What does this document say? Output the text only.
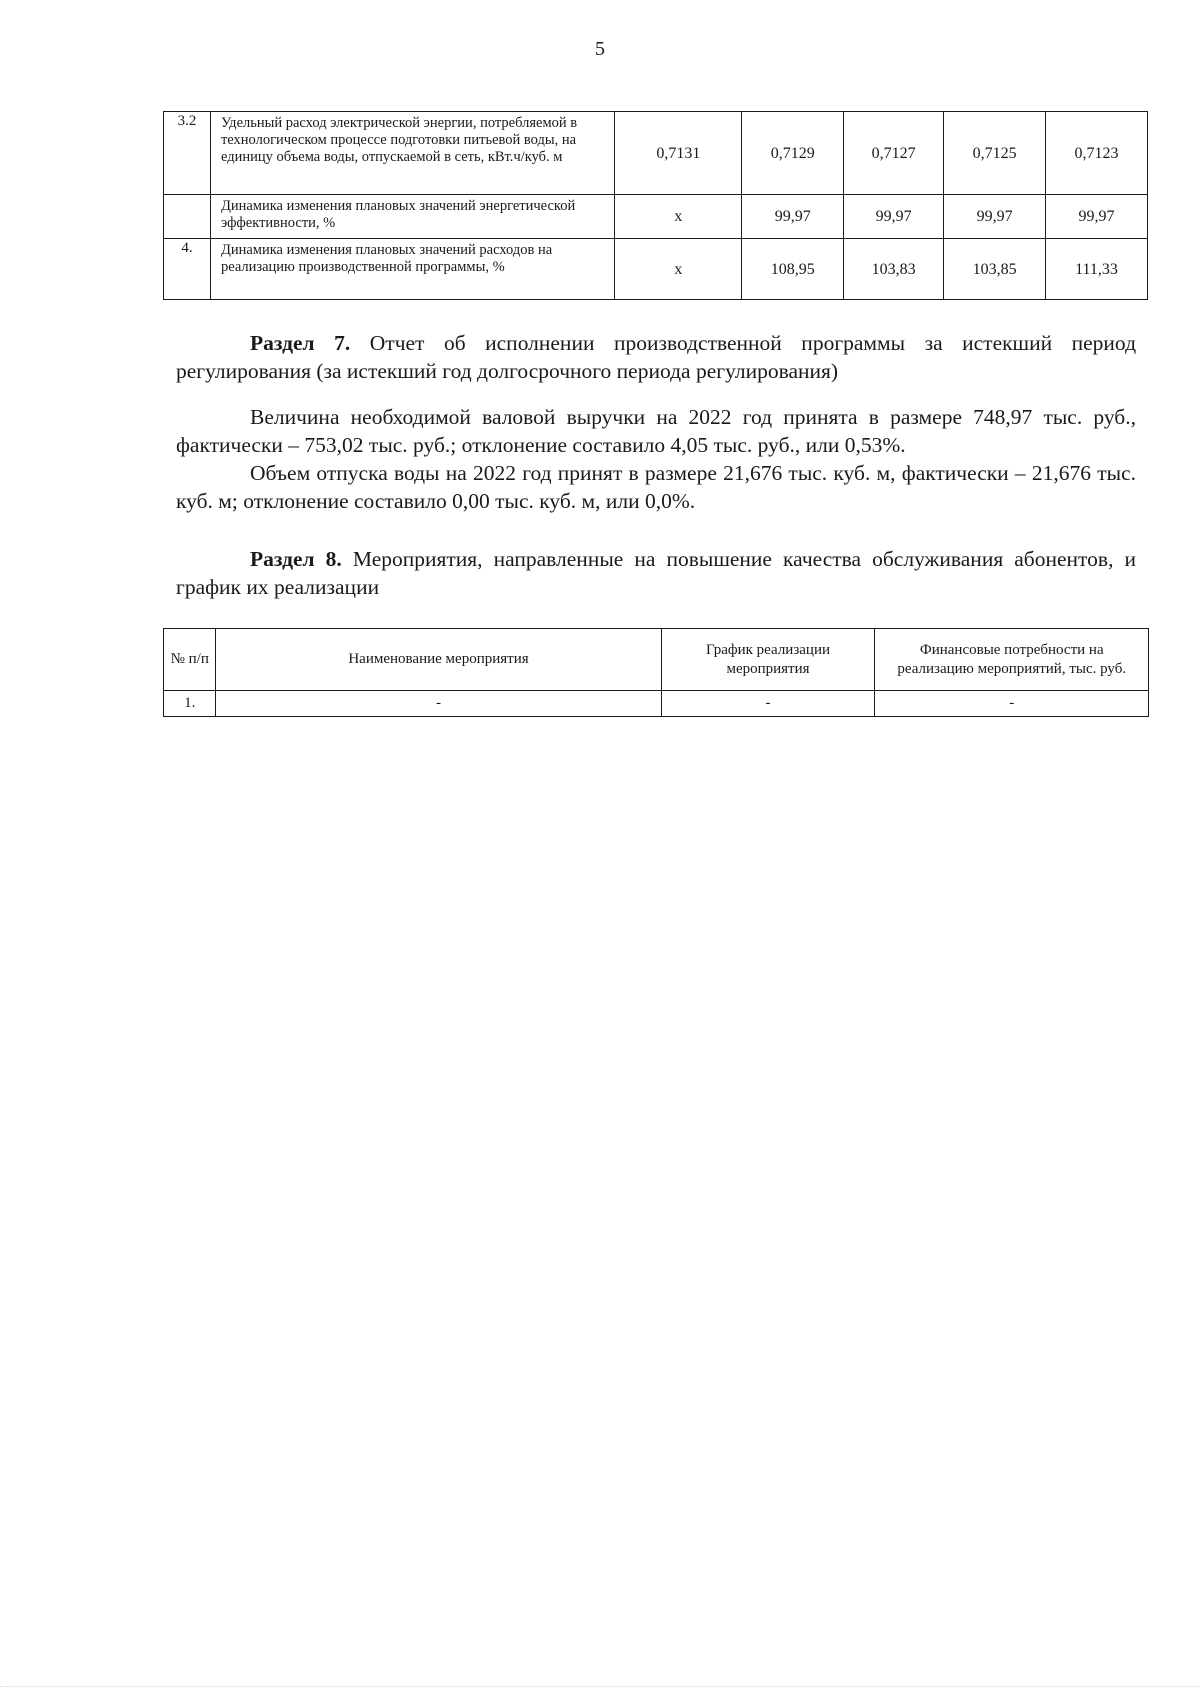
5
3.2	Удельный расход электрической энергии, потребляемой в технологическом процессе подготовки питьевой воды, на единицу объема воды, отпускаемой в сеть, кВт.ч/куб. м	0,7131	0,7129	0,7127	0,7125	0,7123
	Динамика изменения плановых значений энергетической эффективности, %	x	99,97	99,97	99,97	99,97
4.	Динамика изменения плановых значений расходов на реализацию производственной программы, %	x	108,95	103,83	103,85	111,33
Раздел 7. Отчет об исполнении производственной программы за истекший период регулирования (за истекший год долгосрочного периода регулирования)
Величина необходимой валовой выручки на 2022 год принята в размере 748,97 тыс. руб., фактически – 753,02 тыс. руб.; отклонение составило 4,05 тыс. руб., или 0,53%.
Объем отпуска воды на 2022 год принят в размере 21,676 тыс. куб. м, фактически – 21,676 тыс. куб. м; отклонение составило 0,00 тыс. куб. м, или 0,0%.
Раздел 8. Мероприятия, направленные на повышение качества обслуживания абонентов, и график их реализации
№ п/п	Наименование мероприятия	График реализации мероприятия	Финансовые потребности на реализацию мероприятий, тыс. руб.
1.	-	-	-
